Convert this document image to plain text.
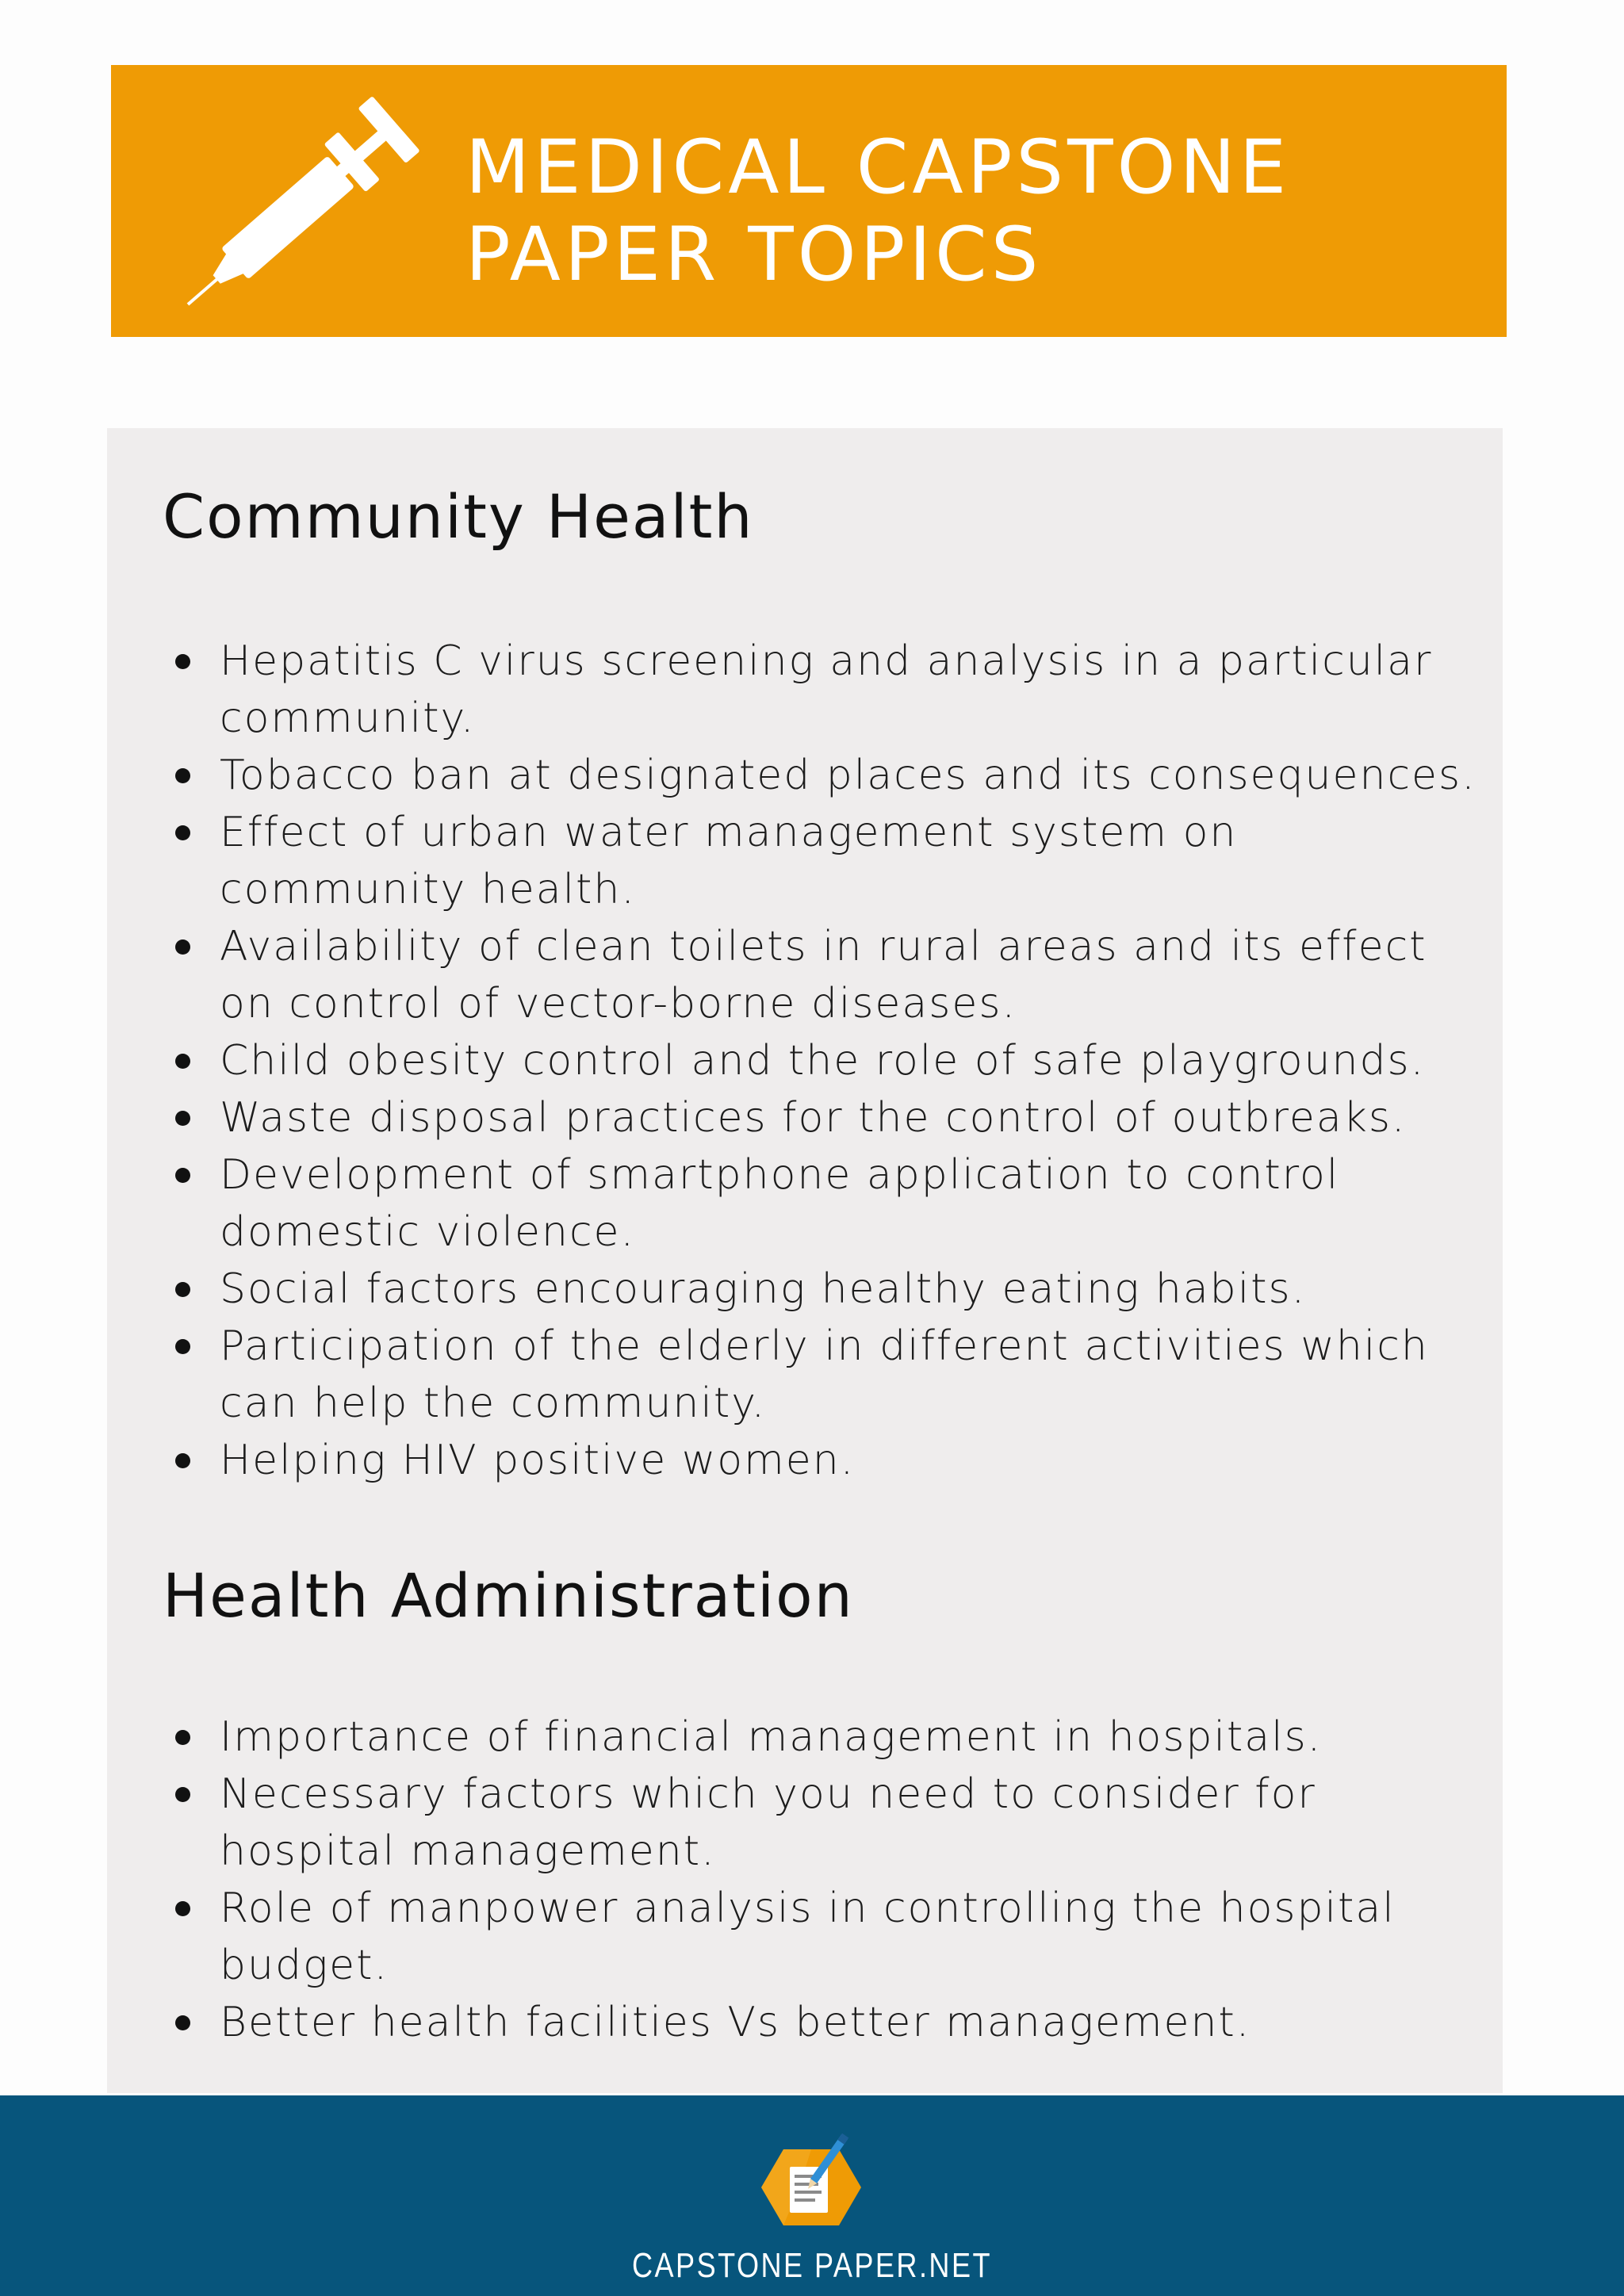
MEDICAL CAPSTONE
PAPER TOPICS
Community Health
Hepatitis C virus screening and analysis in a particular community.
Tobacco ban at designated places and its consequences.
Effect of urban water management system on community health.
Availability of clean toilets in rural areas and its effect on control of vector-borne diseases.
Child obesity control and the role of safe playgrounds.
Waste disposal practices for the control of outbreaks.
Development of smartphone application to control domestic violence.
Social factors encouraging healthy eating habits.
Participation of the elderly in different activities which can help the community.
Helping HIV positive women.
Health Administration
Importance of financial management in hospitals.
Necessary factors which you need to consider for hospital management.
Role of manpower analysis in controlling the hospital budget.
Better health facilities Vs better management.
CAPSTONE PAPER.NET
